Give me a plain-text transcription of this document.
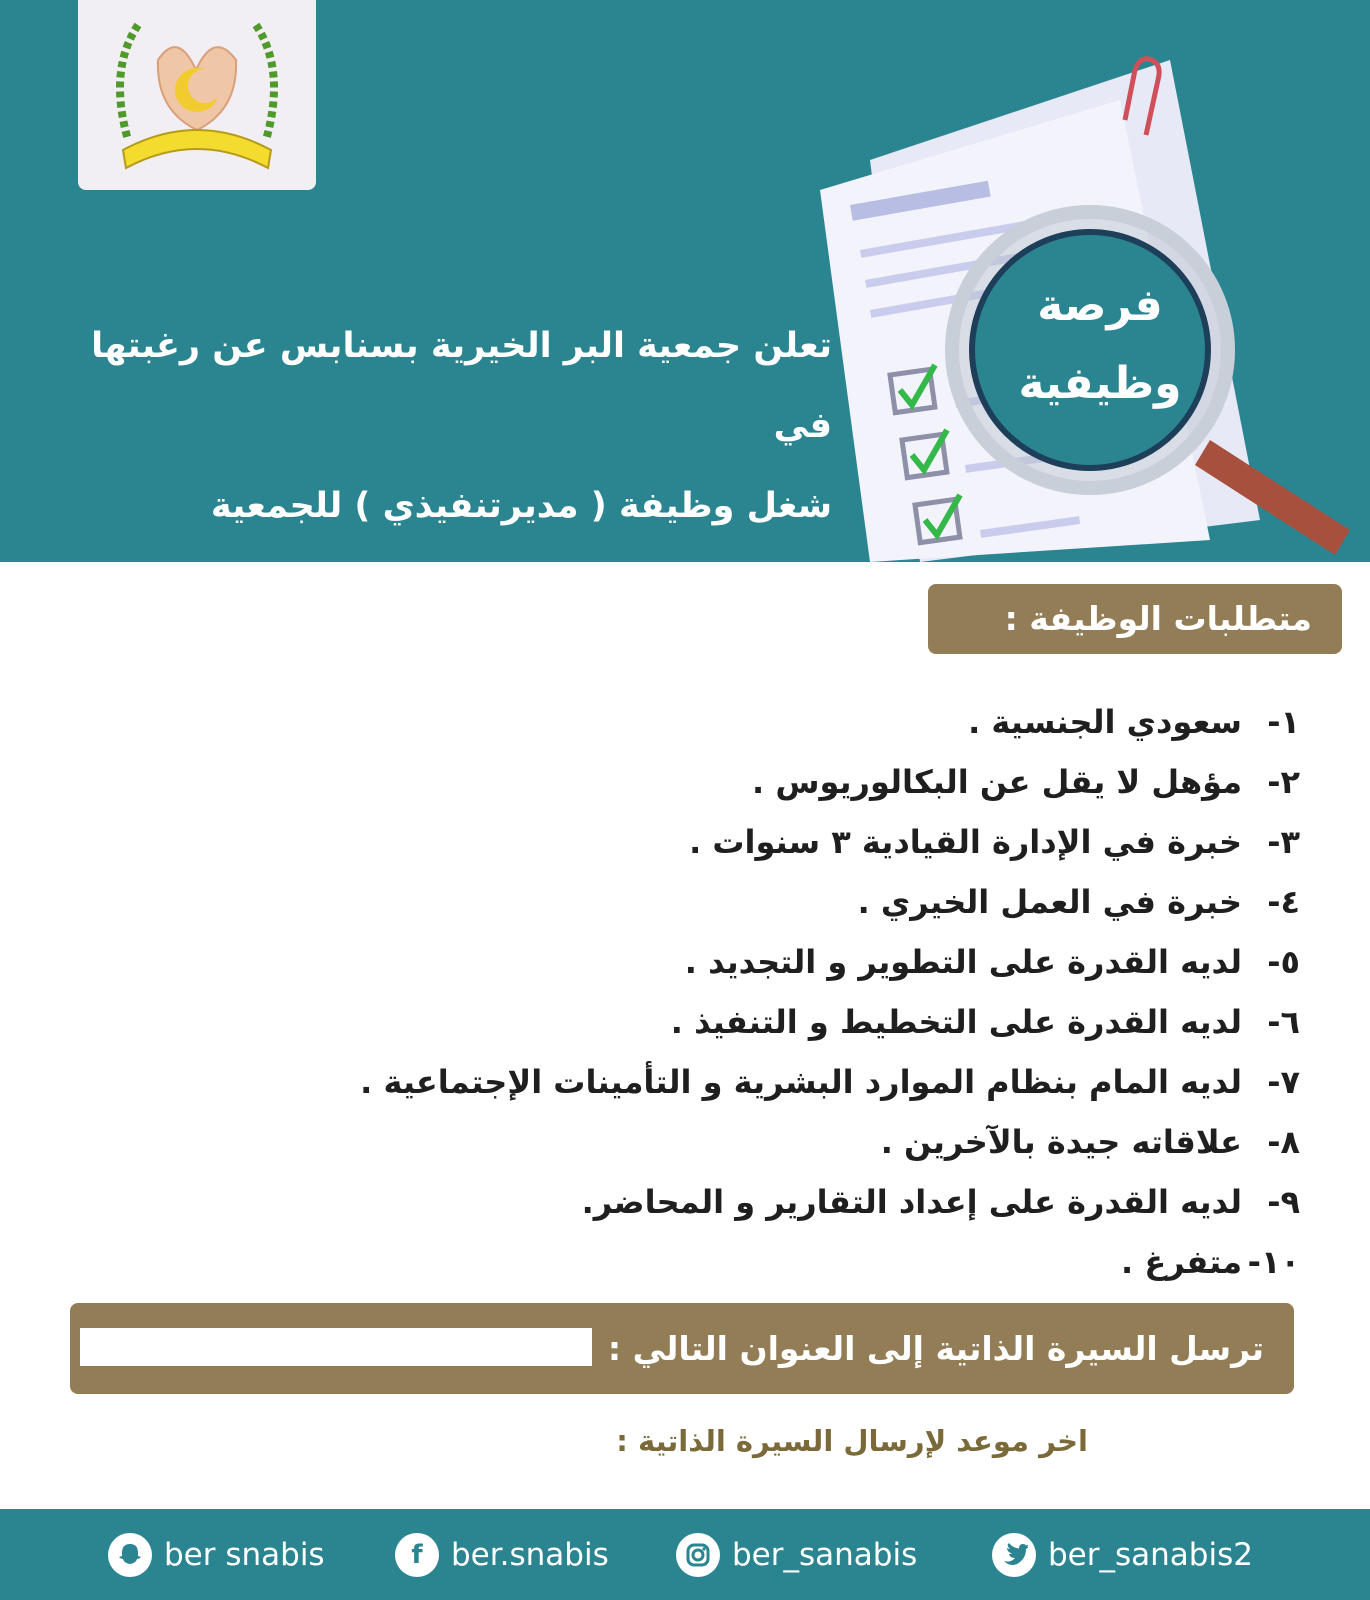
تعلن جمعية البر الخيرية بسنابس عن رغبتها في
شغل وظيفة ( مديرتنفيذي ) للجمعية
فرصة
وظيفية
متطلبات الوظيفة :
١-سعودي الجنسية .
٢-مؤهل لا يقل عن البكالوريوس .
٣-خبرة في الإدارة القيادية ٣ سنوات .
٤-خبرة في العمل الخيري .
٥-لديه القدرة على التطوير و التجديد .
٦-لديه القدرة على التخطيط و التنفيذ .
٧-لديه المام بنظام الموارد البشرية و التأمينات الإجتماعية .
٨-علاقاته جيدة بالآخرين .
٩-لديه القدرة على إعداد التقارير و المحاضر.
١٠-متفرغ .
ترسل السيرة الذاتية إلى العنوان التالي :
اخر موعد لإرسال السيرة الذاتية :
ber snabis	f ber.snabis	ber_sanabis	ber_sanabis2
